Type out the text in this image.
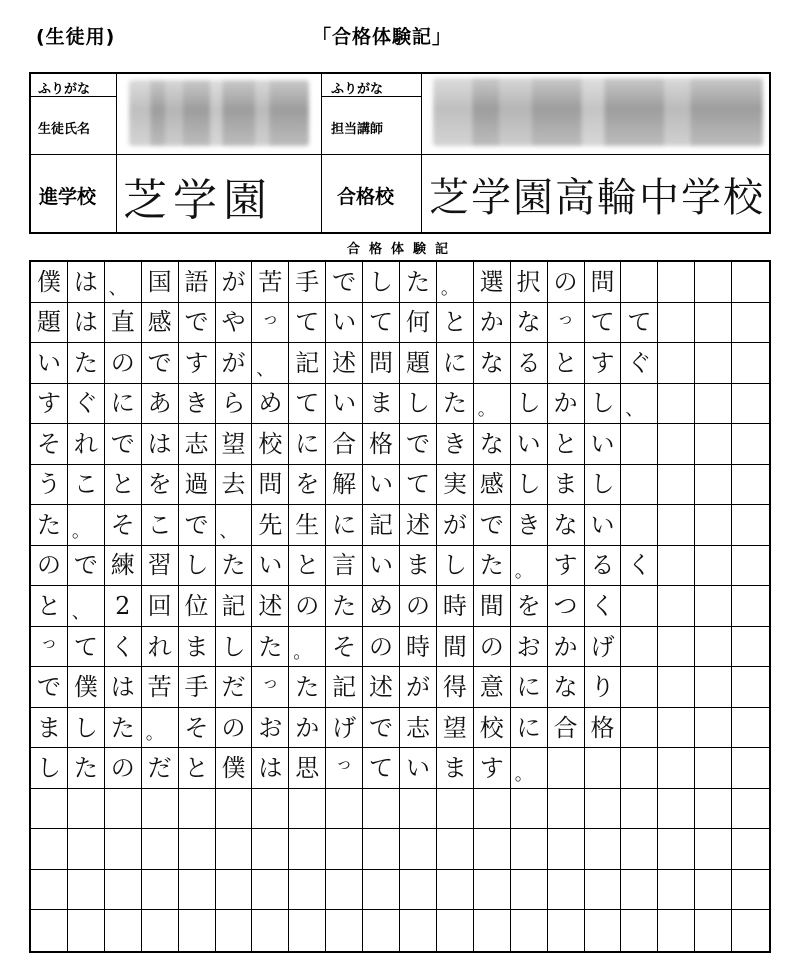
(生徒用)	「合格体験記」
ふりがな
生徒氏名
ふりがな
担当講師
進学校 芝学園	合格校 芝学園高輪中学校
合格体験記
僕 は 、 国 語 が 苦 手 で し た 。 選 択 の 問
題 は 直 感 で や っ て い て 何 と か な っ て て
い た の で す が 、 記 述 問 題 に な る と す ぐ
す ぐ に あ き ら め て い ま し た 。 し か し 、
そ れ で は 志 望 校 に 合 格 で き な い と い
う こ と を 過 去 問 を 解 い て 実 感 し ま し
た 。 そ こ で 、 先 生 に 記 述 が で き な い
の で 練 習 し た い と 言 い ま し た 。 す る く
と 、	2 回 位 記 述 の た め の 時 間 を つ く
っ て く れ ま し た 。 そ の 時 間 の お か げ
で 僕 は 苦 手 だ っ た 記 述 が 得 意 に な り
ま し た 。 そ の お か げ で 志 望 校 に 合 格
し た の だ と 僕 は 思 っ て い ま す 。
